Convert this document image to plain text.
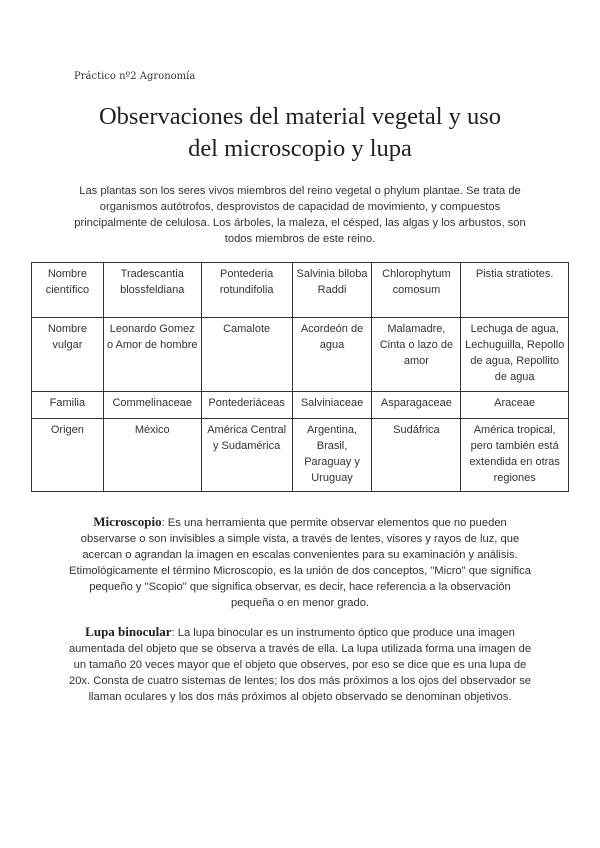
Práctico nº2 Agronomía
Observaciones del material vegetal y uso
del microscopio y lupa
Las plantas son los seres vivos miembros del reino vegetal o phylum plantae. Se trata de organismos autótrofos, desprovistos de capacidad de movimiento, y compuestos principalmente de celulosa. Los árboles, la maleza, el césped, las algas y los arbustos, son todos miembros de este reino.
Nombre científico	Tradescantia blossfeldiana	Pontederia rotundifolia	Salvinia biloba Raddi	Chlorophytum comosum	Pistia stratiotes.
Nombre vulgar	Leonardo Gomez o Amor de hombre	Camalote	Acordeón de agua	Malamadre, Cinta o lazo de amor	Lechuga de agua, Lechuguilla, Repollo de agua, Repollito de agua
Familia	Commelinaceae	Pontederiáceas	Salviniaceae	Asparagaceae	Araceae
Origen	México	América Central y Sudamérica	Argentina, Brasil, Paraguay y Uruguay	Sudáfrica	América tropical, pero también está extendida en otras regiones
Microscopio: Es una herramienta que permite observar elementos que no pueden observarse o son invisibles a simple vista, a través de lentes, visores y rayos de luz, que acercan o agrandan la imagen en escalas convenientes para su examinación y análisis. Etimológicamente el término Microscopio, es la unión de dos conceptos, "Micro" que significa pequeño y "Scopio" que significa observar, es decir, hace referencia a la observación pequeña o en menor grado.
Lupa binocular: La lupa binocular es un instrumento óptico que produce una imagen aumentada del objeto que se observa a través de ella. La lupa utilizada forma una imagen de un tamaño 20 veces mayor que el objeto que observes, por eso se dice que es una lupa de 20x. Consta de cuatro sistemas de lentes; los dos más próximos a los ojos del observador se llaman oculares y los dos más próximos al objeto observado se denominan objetivos.
